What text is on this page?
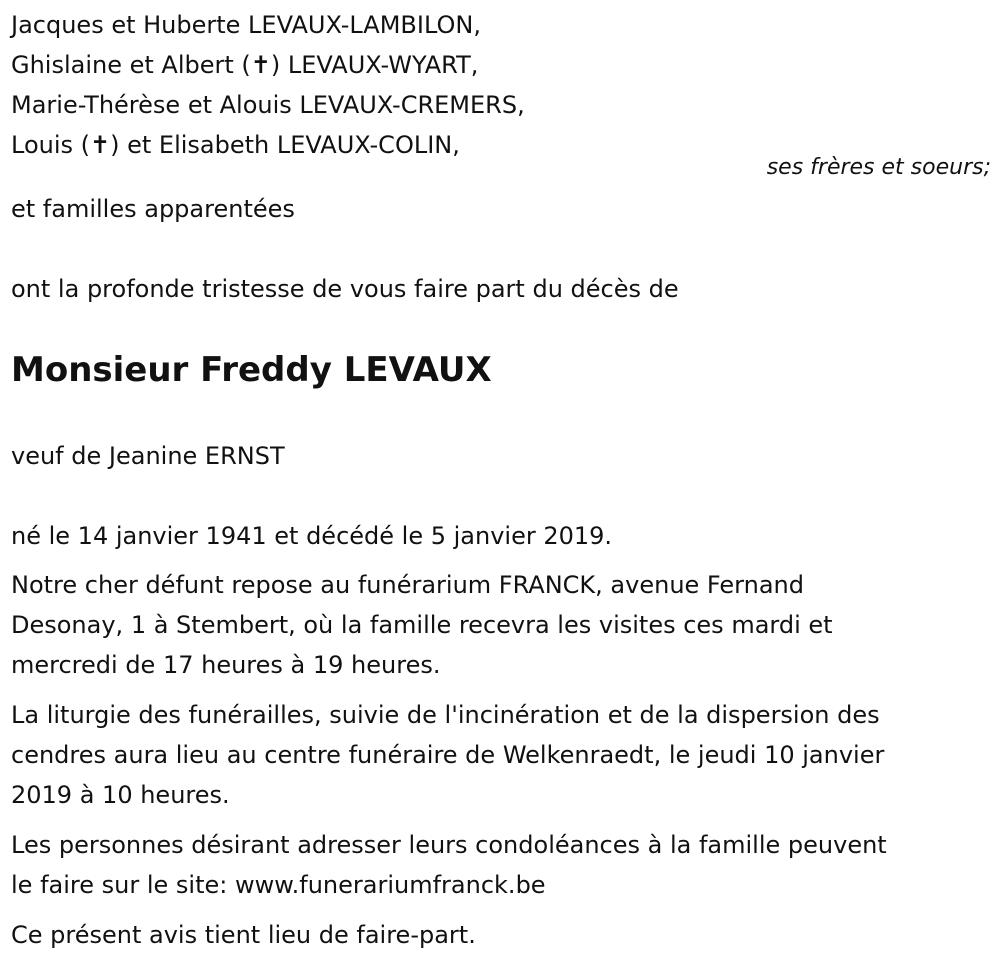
Jacques et Huberte LEVAUX-LAMBILON,
Ghislaine et Albert (✝) LEVAUX-WYART,
Marie-Thérèse et Alouis LEVAUX-CREMERS,
Louis (✝) et Elisabeth LEVAUX-COLIN,
ses frères et soeurs;
et familles apparentées
ont la profonde tristesse de vous faire part du décès de
Monsieur Freddy LEVAUX
veuf de Jeanine ERNST
né le 14 janvier 1941 et décédé le 5 janvier 2019.
Notre cher défunt repose au funérarium FRANCK, avenue Fernand
Desonay, 1 à Stembert, où la famille recevra les visites ces mardi et
mercredi de 17 heures à 19 heures.
La liturgie des funérailles, suivie de l'incinération et de la dispersion des
cendres aura lieu au centre funéraire de Welkenraedt, le jeudi 10 janvier
2019 à 10 heures.
Les personnes désirant adresser leurs condoléances à la famille peuvent
le faire sur le site: www.funerariumfranck.be
Ce présent avis tient lieu de faire-part.
